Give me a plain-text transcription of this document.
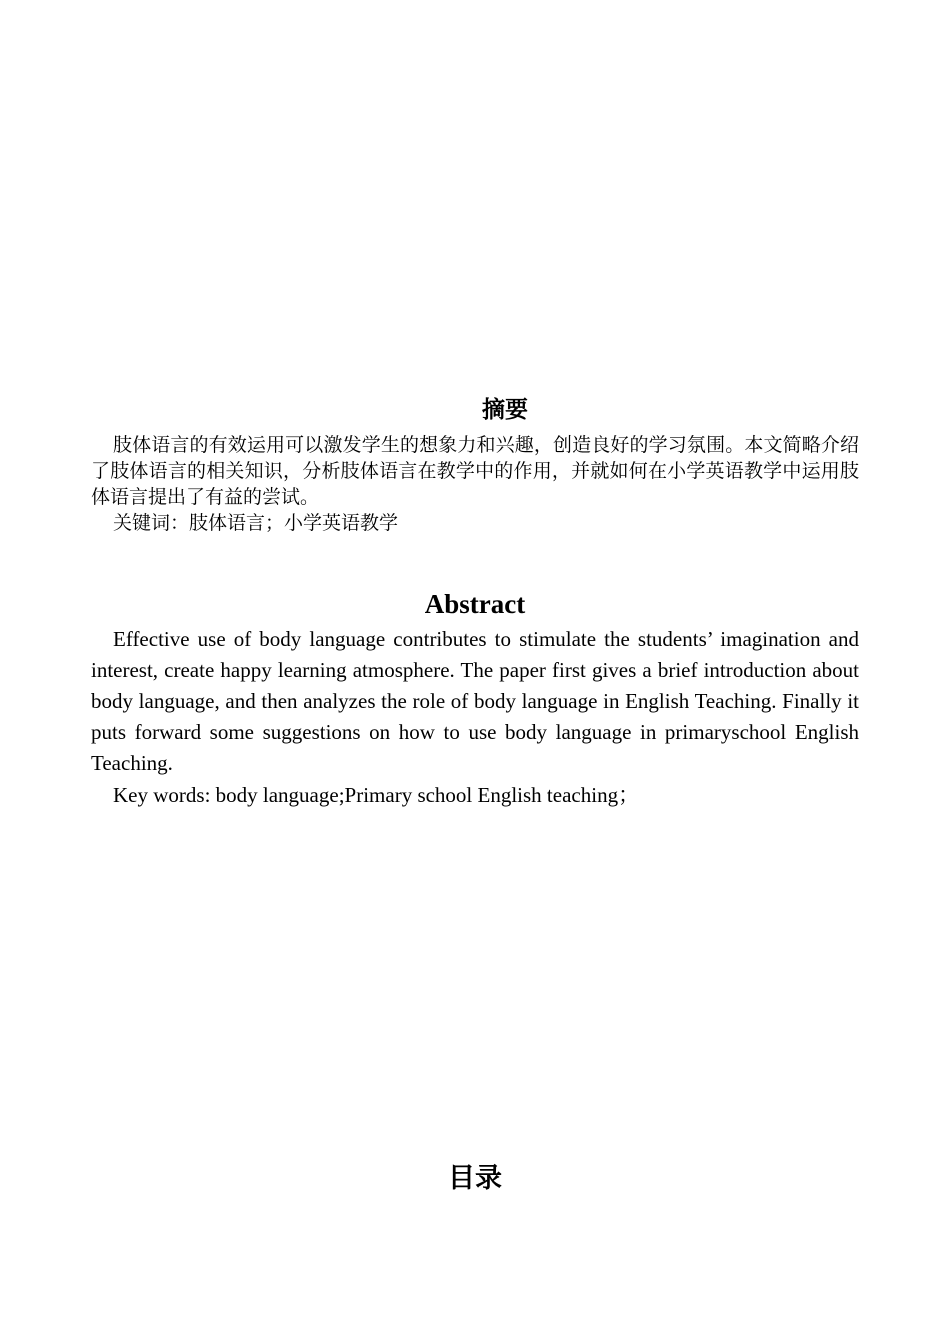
摘要

肢体语言的有效运用可以激发学生的想象力和兴趣，创造良好的学习氛围。本文简略介绍了肢体语言的相关知识，分析肢体语言在教学中的作用，并就如何在小学英语教学中运用肢体语言提出了有益的尝试。

关键词：肢体语言；小学英语教学

Abstract

Effective use of body language contributes to stimulate the students’ imagination and interest, create happy learning atmosphere. The paper first gives a brief introduction about body language, and then analyzes the role of body language in English Teaching. Finally it puts forward some suggestions on how to use body language in primaryschool English Teaching.

Key words: body language;Primary school English teaching；

目录
